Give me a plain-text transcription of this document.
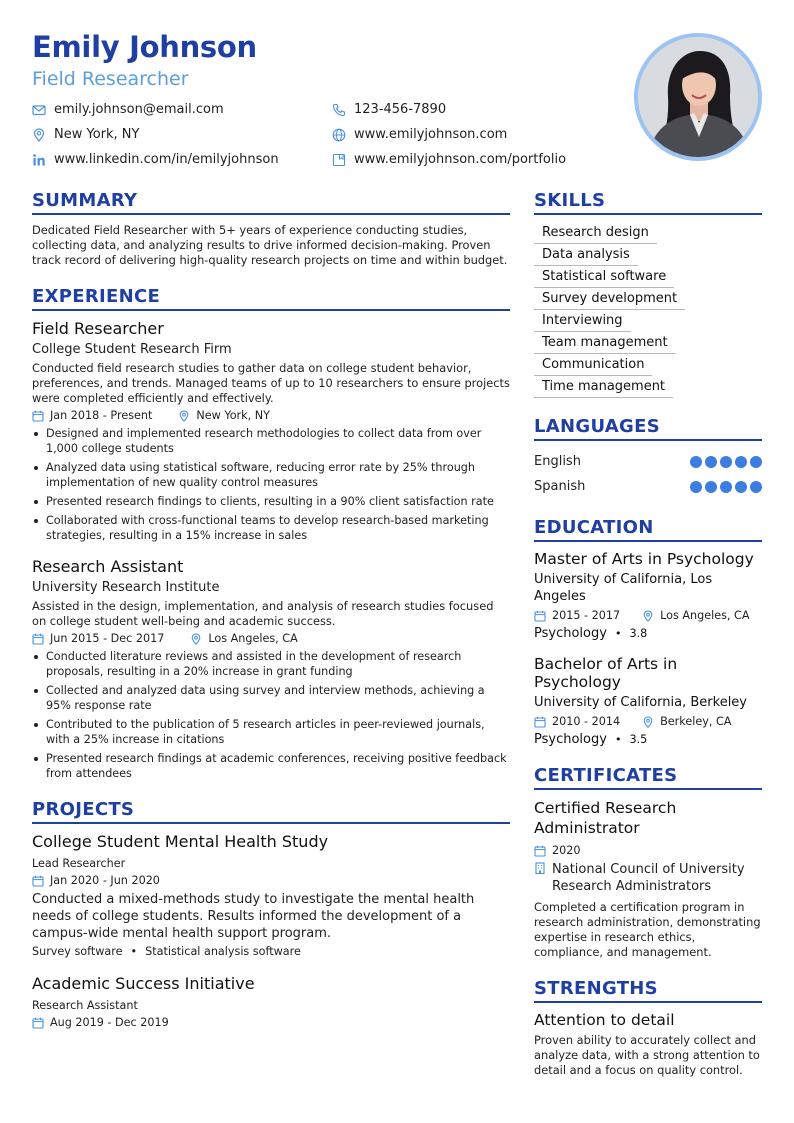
Emily Johnson
Field Researcher
emily.johnson@email.com	123-456-7890
New York, NY	www.emilyjohnson.com
www.linkedin.com/in/emilyjohnson	www.emilyjohnson.com/portfolio
SUMMARY

Dedicated Field Researcher with 5+ years of experience conducting studies, collecting data, and analyzing results to drive informed decision-making. Proven track record of delivering high-quality research projects on time and within budget.

EXPERIENCE
Field Researcher
College Student Research Firm

Conducted field research studies to gather data on college student behavior, preferences, and trends. Managed teams of up to 10 researchers to ensure projects were completed efficiently and effectively.

Jan 2018 - Present	New York, NY
Designed and implemented research methodologies to collect data from over 1,000 college students
Analyzed data using statistical software, reducing error rate by 25% through implementation of new quality control measures
Presented research findings to clients, resulting in a 90% client satisfaction rate
Collaborated with cross-functional teams to develop research-based marketing strategies, resulting in a 15% increase in sales
Research Assistant
University Research Institute

Assisted in the design, implementation, and analysis of research studies focused on college student well-being and academic success.

Jun 2015 - Dec 2017	Los Angeles, CA
Conducted literature reviews and assisted in the development of research proposals, resulting in a 20% increase in grant funding
Collected and analyzed data using survey and interview methods, achieving a 95% response rate
Contributed to the publication of 5 research articles in peer-reviewed journals, with a 25% increase in citations
Presented research findings at academic conferences, receiving positive feedback from attendees
PROJECTS
College Student Mental Health Study
Lead Researcher
Jan 2020 - Jun 2020

Conducted a mixed-methods study to investigate the mental health needs of college students. Results informed the development of a campus-wide mental health support program.

Survey software • Statistical analysis software
Academic Success Initiative
Research Assistant
Aug 2019 - Dec 2019
SKILLS
Research design
Data analysis
Statistical software
Survey development
Interviewing
Team management
Communication
Time management
LANGUAGES
English
Spanish
EDUCATION
Master of Arts in Psychology
University of California, Los Angeles
2015 - 2017	Los Angeles, CA
Psychology • 3.8
Bachelor of Arts in Psychology
University of California, Berkeley
2010 - 2014	Berkeley, CA
Psychology • 3.5
CERTIFICATES
Certified Research Administrator
2020
National Council of University Research Administrators

Completed a certification program in research administration, demonstrating expertise in research ethics, compliance, and management.

STRENGTHS
Attention to detail

Proven ability to accurately collect and analyze data, with a strong attention to detail and a focus on quality control.
